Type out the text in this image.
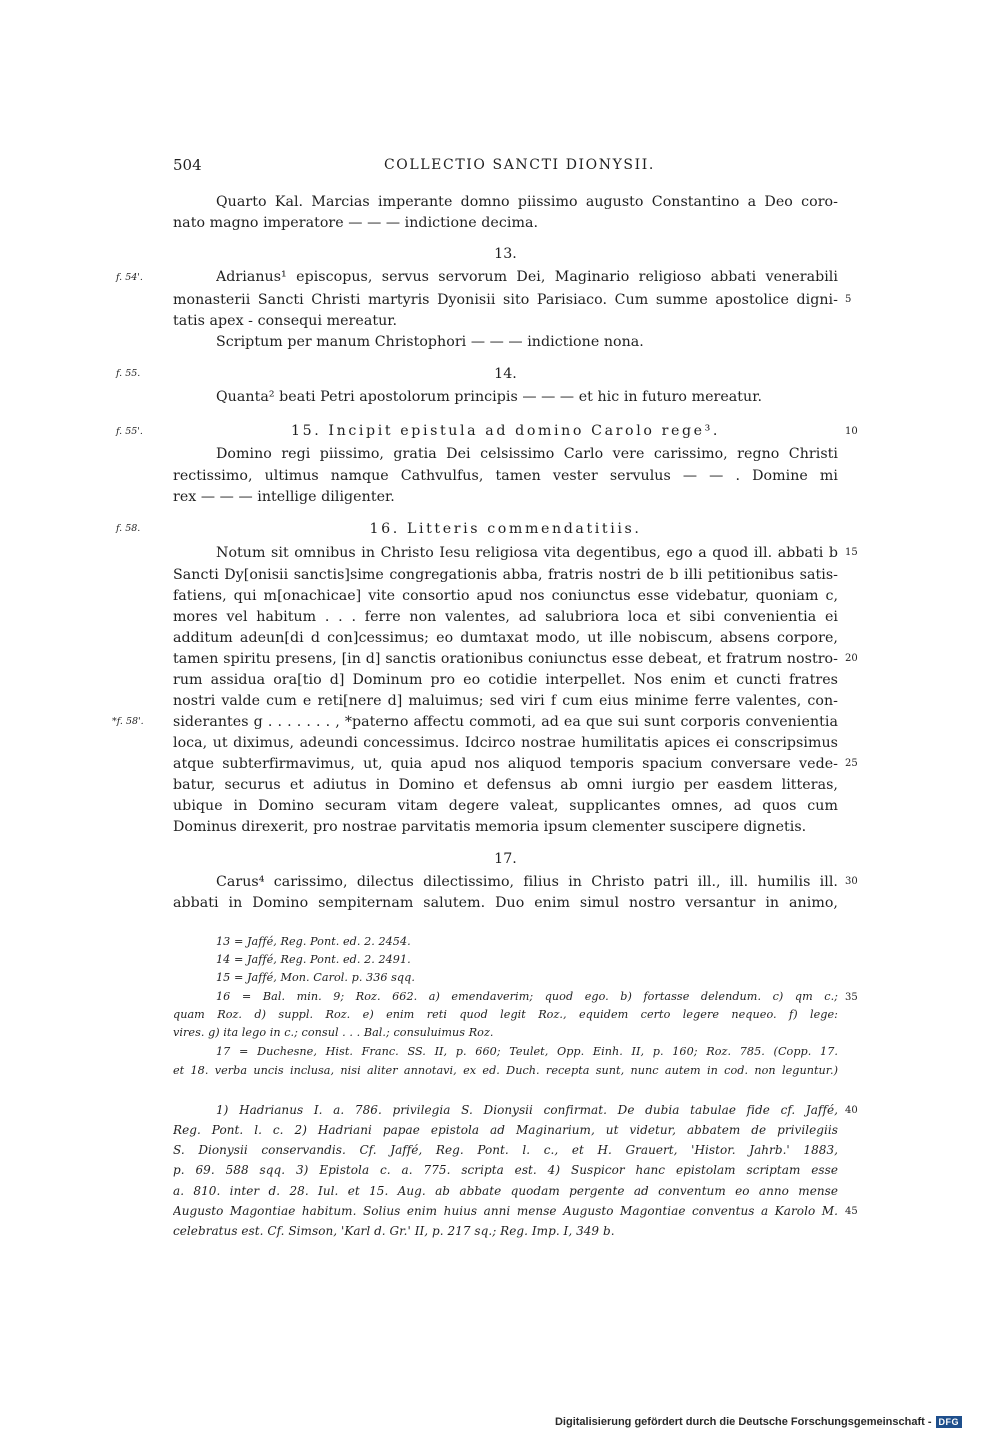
504	COLLECTIO SANCTI DIONYSII.
Quarto Kal. Marcias imperante domno piissimo augusto Constantino a Deo coro-
nato magno imperatore — — — indictione decima.
13.
Adrianus¹ episcopus, servus servorum Dei, Maginario religioso abbati venerabili
monasterii Sancti Christi martyris Dyonisii sito Parisiaco. Cum summe apostolice digni-
tatis apex - consequi mereatur.
Scriptum per manum Christophori — — — indictione nona.
14.
Quanta² beati Petri apostolorum principis — — — et hic in futuro mereatur.
15. Incipit epistula ad domino Carolo rege³.
Domino regi piissimo, gratia Dei celsissimo Carlo vere carissimo, regno Christi
rectissimo, ultimus namque Cathvulfus, tamen vester servulus — — . Domine mi
rex — — — intellige diligenter.
16. Litteris commendatitiis.
Notum sit omnibus in Christo Iesu religiosa vita degentibus, ego a quod ill. abbati b
Sancti Dy[onisii sanctis]sime congregationis abba, fratris nostri de b illi petitionibus satis-
fatiens, qui m[onachicae] vite consortio apud nos coniunctus esse videbatur, quoniam c,
mores vel habitum . . . ferre non valentes, ad salubriora loca et sibi convenientia ei
additum adeun[di d con]cessimus; eo dumtaxat modo, ut ille nobiscum, absens corpore,
tamen spiritu presens, [in d] sanctis orationibus coniunctus esse debeat, et fratrum nostro-
rum assidua ora[tio d] Dominum pro eo cotidie interpellet. Nos enim et cuncti fratres
nostri valde cum e reti[nere d] maluimus; sed viri f cum eius minime ferre valentes, con-
siderantes g . . . . . . . , *paterno affectu commoti, ad ea que sui sunt corporis convenientia
loca, ut diximus, adeundi concessimus. Idcirco nostrae humilitatis apices ei conscripsimus
atque subterfirmavimus, ut, quia apud nos aliquod temporis spacium conversare vede-
batur, securus et adiutus in Domino et defensus ab omni iurgio per easdem litteras,
ubique in Domino securam vitam degere valeat, supplicantes omnes, ad quos cum
Dominus direxerit, pro nostrae parvitatis memoria ipsum clementer suscipere dignetis.
17.
Carus⁴ carissimo, dilectus dilectissimo, filius in Christo patri ill., ill. humilis ill.
abbati in Domino sempiternam salutem. Duo enim simul nostro versantur in animo,
13 = Jaffé, Reg. Pont. ed. 2. 2454.
14 = Jaffé, Reg. Pont. ed. 2. 2491.
15 = Jaffé, Mon. Carol. p. 336 sqq.
16 = Bal. min. 9; Roz. 662. a) emendaverim; quod ego. b) fortasse delendum. c) qm c.;
quam Roz. d) suppl. Roz. e) enim reti quod legit Roz., equidem certo legere nequeo. f) lege:
vires. g) ita lego in c.; consul . . . Bal.; consuluimus Roz.
17 = Duchesne, Hist. Franc. SS. II, p. 660; Teulet, Opp. Einh. II, p. 160; Roz. 785. (Copp. 17.
et 18. verba uncis inclusa, nisi aliter annotavi, ex ed. Duch. recepta sunt, nunc autem in cod. non leguntur.)
1) Hadrianus I. a. 786. privilegia S. Dionysii confirmat. De dubia tabulae fide cf. Jaffé,
Reg. Pont. l. c. 2) Hadriani papae epistola ad Maginarium, ut videtur, abbatem de privilegiis
S. Dionysii conservandis. Cf. Jaffé, Reg. Pont. l. c., et H. Grauert, 'Histor. Jahrb.' 1883,
p. 69. 588 sqq. 3) Epistola c. a. 775. scripta est. 4) Suspicor hanc epistolam scriptam esse
a. 810. inter d. 28. Iul. et 15. Aug. ab abbate quodam pergente ad conventum eo anno mense
Augusto Magontiae habitum. Solius enim huius anni mense Augusto Magontiae conventus a Karolo M.
celebratus est. Cf. Simson, 'Karl d. Gr.' II, p. 217 sq.; Reg. Imp. I, 349 b.
5
10
15
20
25
30
35
40
45
f. 54'.
f. 55.
f. 55'.
f. 58.
*f. 58'.
Digitalisierung gefördert durch die Deutsche Forschungsgemeinschaft - DFG
